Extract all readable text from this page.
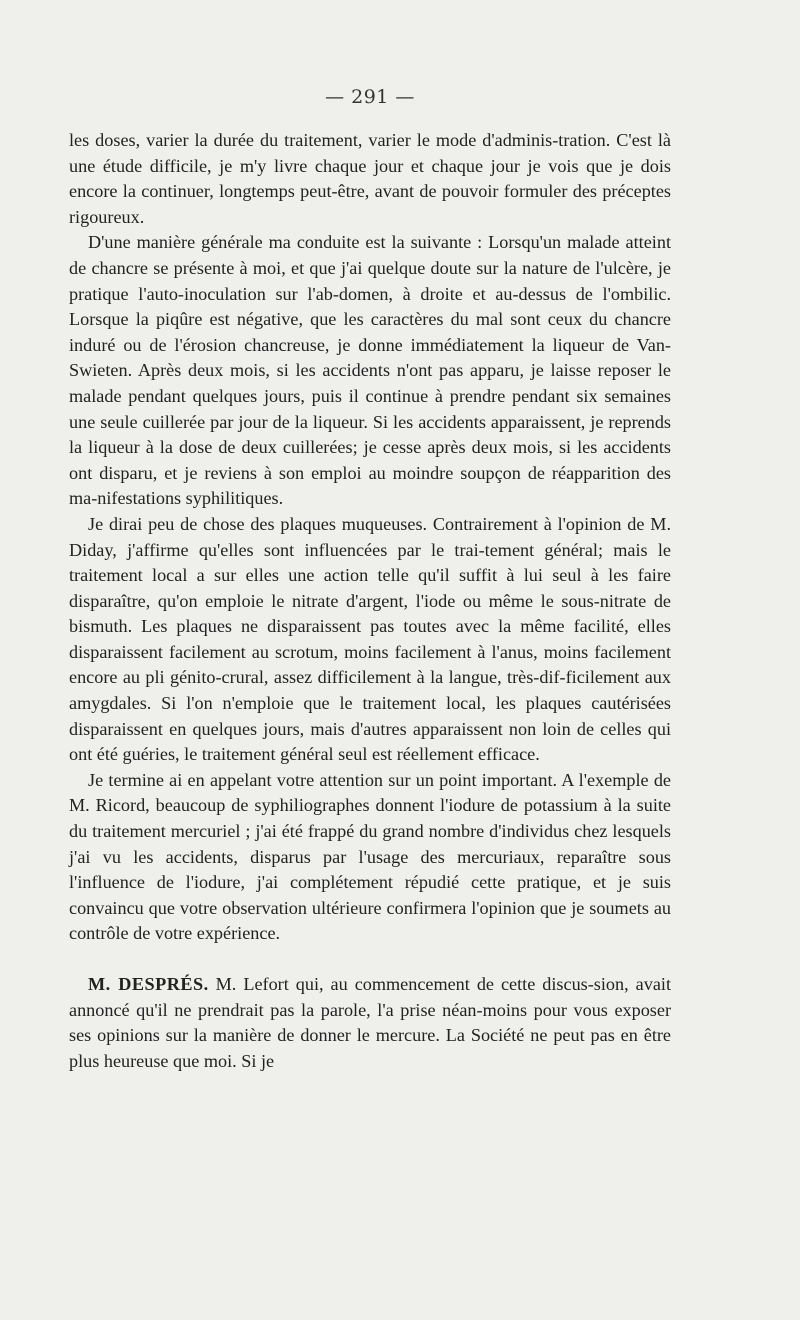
— 291 —

les doses, varier la durée du traitement, varier le mode d'adminis-tration. C'est là une étude difficile, je m'y livre chaque jour et chaque jour je vois que je dois encore la continuer, longtemps peut-être, avant de pouvoir formuler des préceptes rigoureux.

D'une manière générale ma conduite est la suivante : Lorsqu'un malade atteint de chancre se présente à moi, et que j'ai quelque doute sur la nature de l'ulcère, je pratique l'auto-inoculation sur l'ab-domen, à droite et au-dessus de l'ombilic. Lorsque la piqûre est négative, que les caractères du mal sont ceux du chancre induré ou de l'érosion chancreuse, je donne immédiatement la liqueur de Van-Swieten. Après deux mois, si les accidents n'ont pas apparu, je laisse reposer le malade pendant quelques jours, puis il continue à prendre pendant six semaines une seule cuillerée par jour de la liqueur. Si les accidents apparaissent, je reprends la liqueur à la dose de deux cuillerées; je cesse après deux mois, si les accidents ont disparu, et je reviens à son emploi au moindre soupçon de réapparition des ma-nifestations syphilitiques.

Je dirai peu de chose des plaques muqueuses. Contrairement à l'opinion de M. Diday, j'affirme qu'elles sont influencées par le trai-tement général; mais le traitement local a sur elles une action telle qu'il suffit à lui seul à les faire disparaître, qu'on emploie le nitrate d'argent, l'iode ou même le sous-nitrate de bismuth. Les plaques ne disparaissent pas toutes avec la même facilité, elles disparaissent facilement au scrotum, moins facilement à l'anus, moins facilement encore au pli génito-crural, assez difficilement à la langue, très-dif-ficilement aux amygdales. Si l'on n'emploie que le traitement local, les plaques cautérisées disparaissent en quelques jours, mais d'autres apparaissent non loin de celles qui ont été guéries, le traitement général seul est réellement efficace.

Je termine ai en appelant votre attention sur un point important. A l'exemple de M. Ricord, beaucoup de syphiliographes donnent l'iodure de potassium à la suite du traitement mercuriel ; j'ai été frappé du grand nombre d'individus chez lesquels j'ai vu les accidents, disparus par l'usage des mercuriaux, reparaître sous l'influence de l'iodure, j'ai complétement répudié cette pratique, et je suis convaincu que votre observation ultérieure confirmera l'opinion que je soumets au contrôle de votre expérience.

M. DESPRÉS. M. Lefort qui, au commencement de cette discus-sion, avait annoncé qu'il ne prendrait pas la parole, l'a prise néan-moins pour vous exposer ses opinions sur la manière de donner le mercure. La Société ne peut pas en être plus heureuse que moi. Si je
